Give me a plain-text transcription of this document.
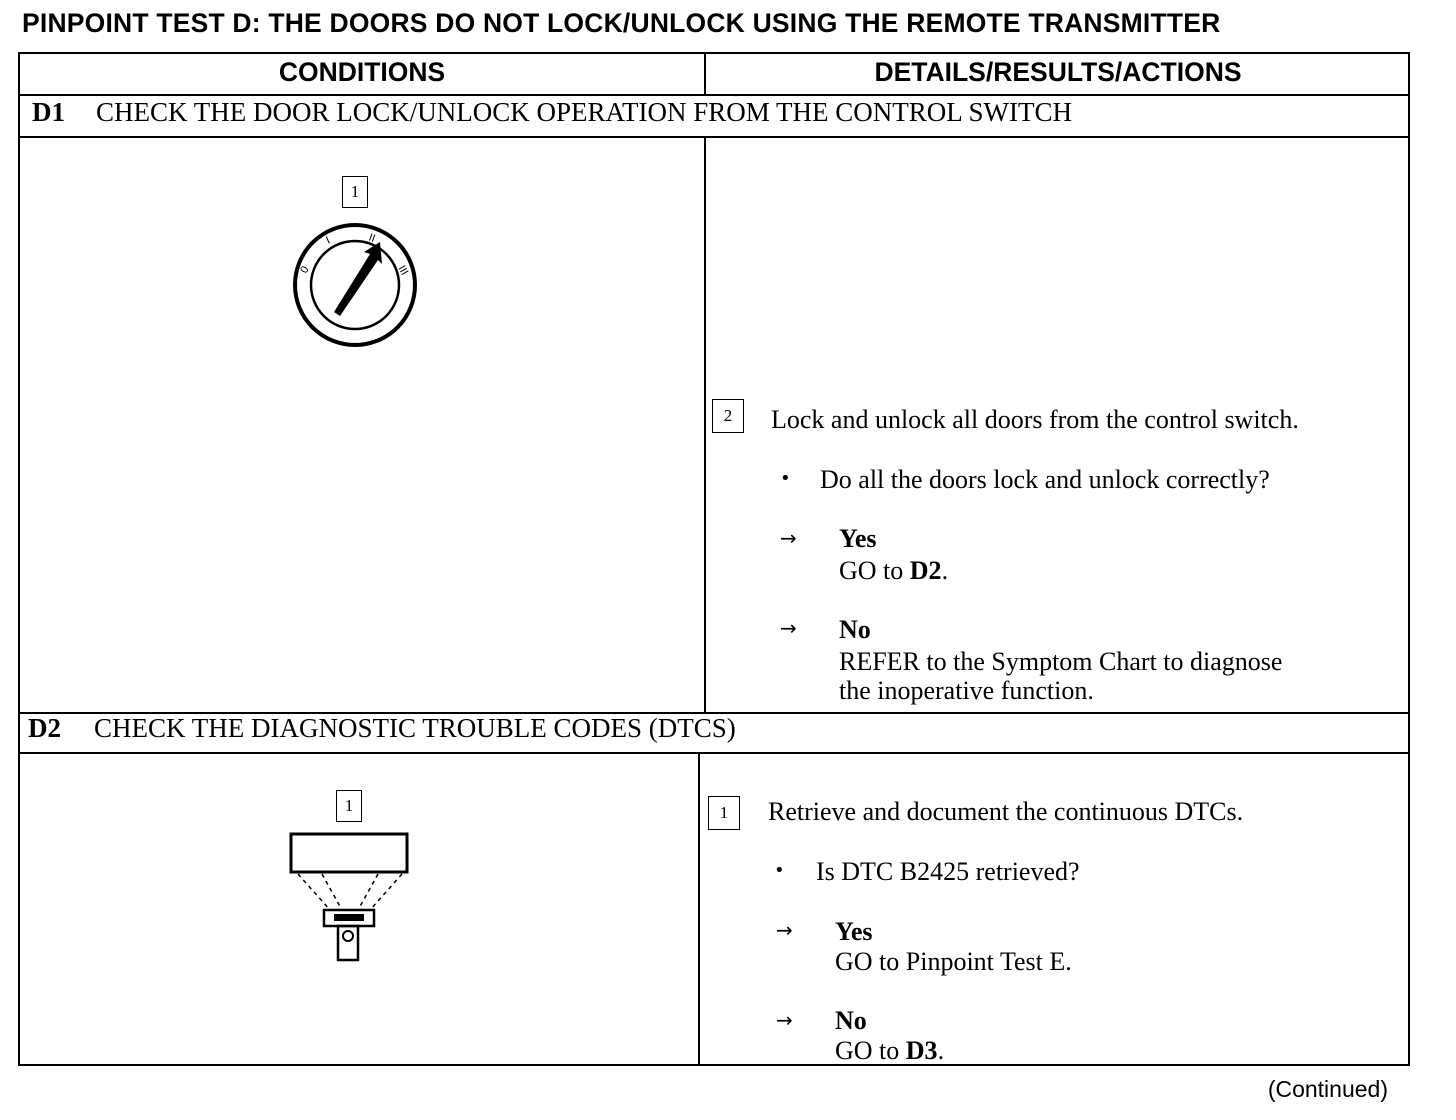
PINPOINT TEST D: THE DOORS DO NOT LOCK/UNLOCK USING THE REMOTE TRANSMITTER
CONDITIONS	DETAILS/RESULTS/ACTIONS
D1 CHECK THE DOOR LOCK/UNLOCK OPERATION FROM THE CONTROL SWITCH
1
0
I	II
III
2	Lock and unlock all doors from the control switch.
• Do all the doors lock and unlock correctly?
→ Yes
GO to D2.
→ No
REFER to the Symptom Chart to diagnose
the inoperative function.
D2 CHECK THE DIAGNOSTIC TROUBLE CODES (DTCS)
1	1	Retrieve and document the continuous DTCs.
• Is DTC B2425 retrieved?
→ Yes
GO to Pinpoint Test E.
→ No
GO to D3.
(Continued)
